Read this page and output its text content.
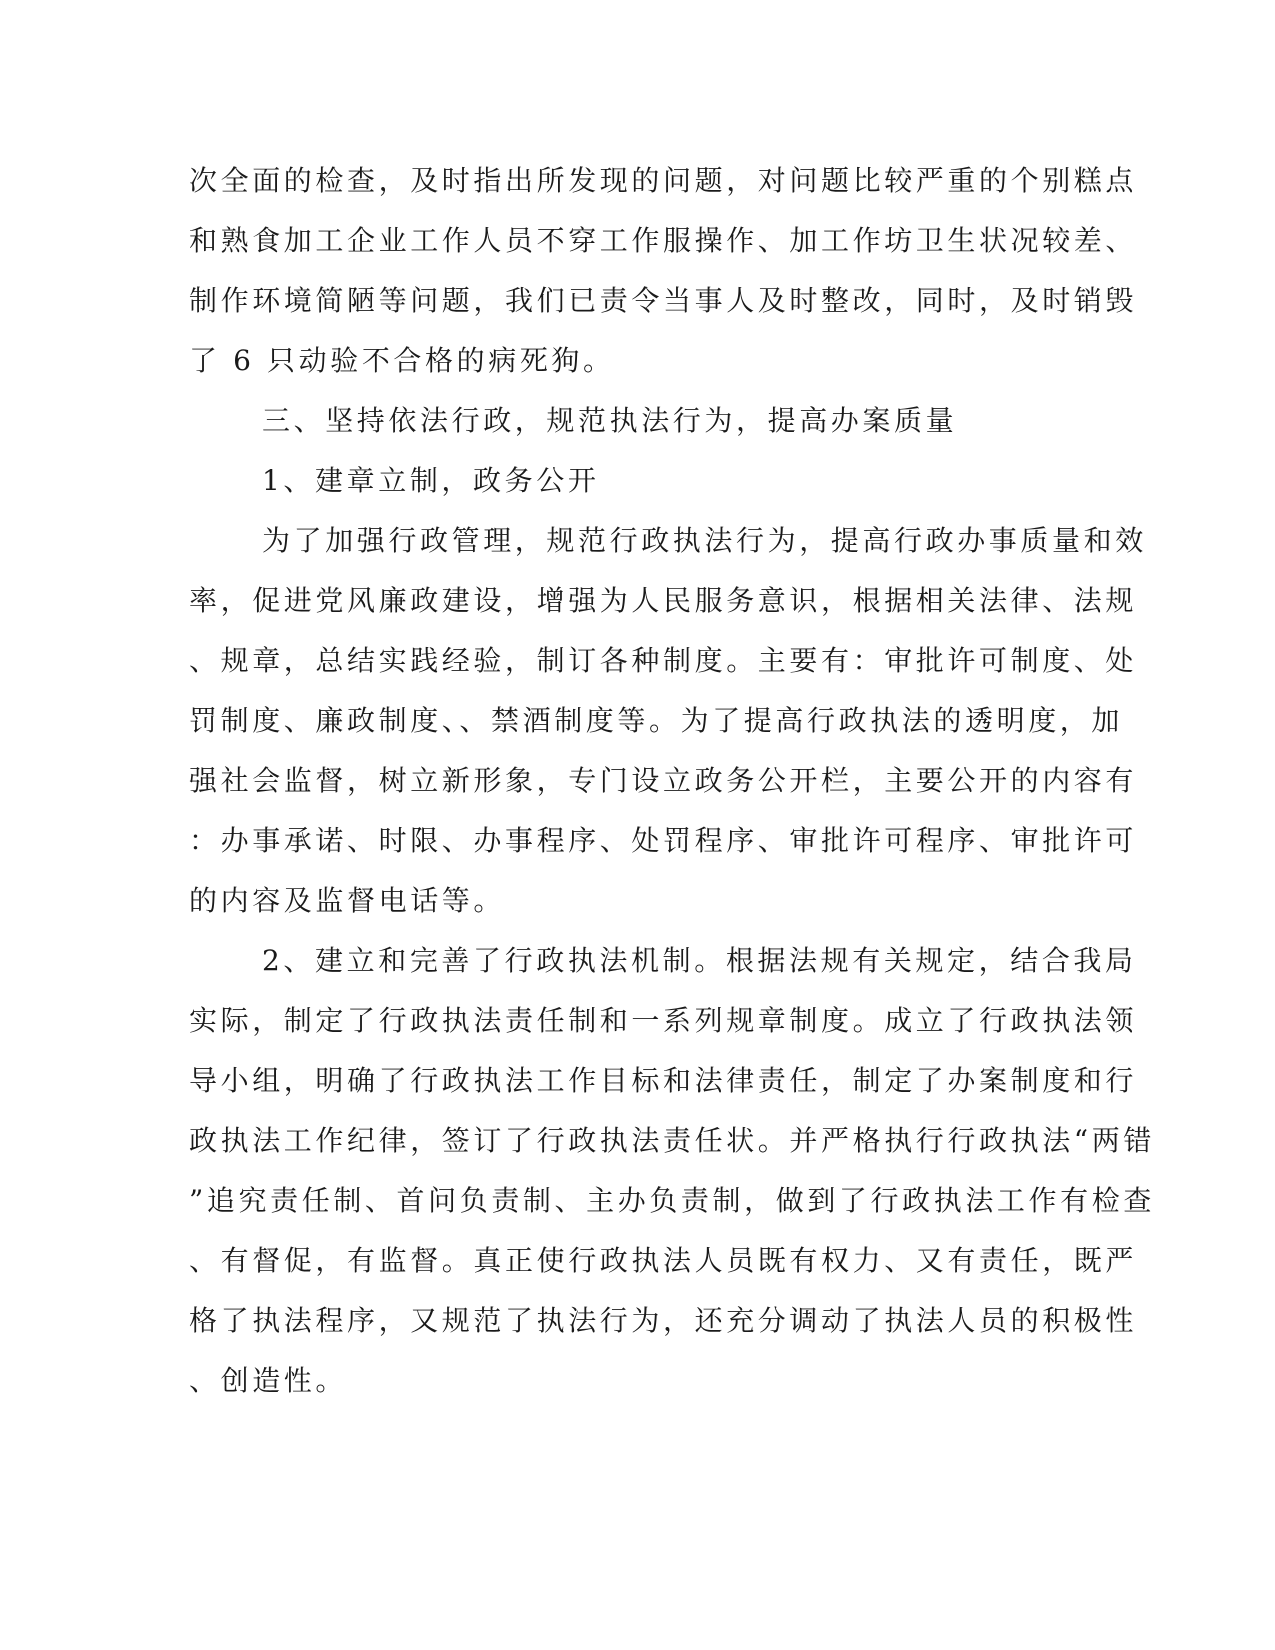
次全面的检查，及时指出所发现的问题，对问题比较严重的个别糕点

和熟食加工企业工作人员不穿工作服操作、加工作坊卫生状况较差、

制作环境简陋等问题，我们已责令当事人及时整改，同时，及时销毁

了 6 只动验不合格的病死狗。

三、坚持依法行政，规范执法行为，提高办案质量

1、建章立制，政务公开

为了加强行政管理，规范行政执法行为，提高行政办事质量和效

率，促进党风廉政建设，增强为人民服务意识，根据相关法律、法规

、规章，总结实践经验，制订各种制度。主要有：审批许可制度、处

罚制度、廉政制度、、禁酒制度等。为了提高行政执法的透明度，加

强社会监督，树立新形象，专门设立政务公开栏，主要公开的内容有

：办事承诺、时限、办事程序、处罚程序、审批许可程序、审批许可

的内容及监督电话等。

2、建立和完善了行政执法机制。根据法规有关规定，结合我局

实际，制定了行政执法责任制和一系列规章制度。成立了行政执法领

导小组，明确了行政执法工作目标和法律责任，制定了办案制度和行

政执法工作纪律，签订了行政执法责任状。并严格执行行政执法“两错

”追究责任制、首问负责制、主办负责制，做到了行政执法工作有检查

、有督促，有监督。真正使行政执法人员既有权力、又有责任，既严

格了执法程序，又规范了执法行为，还充分调动了执法人员的积极性

、创造性。
